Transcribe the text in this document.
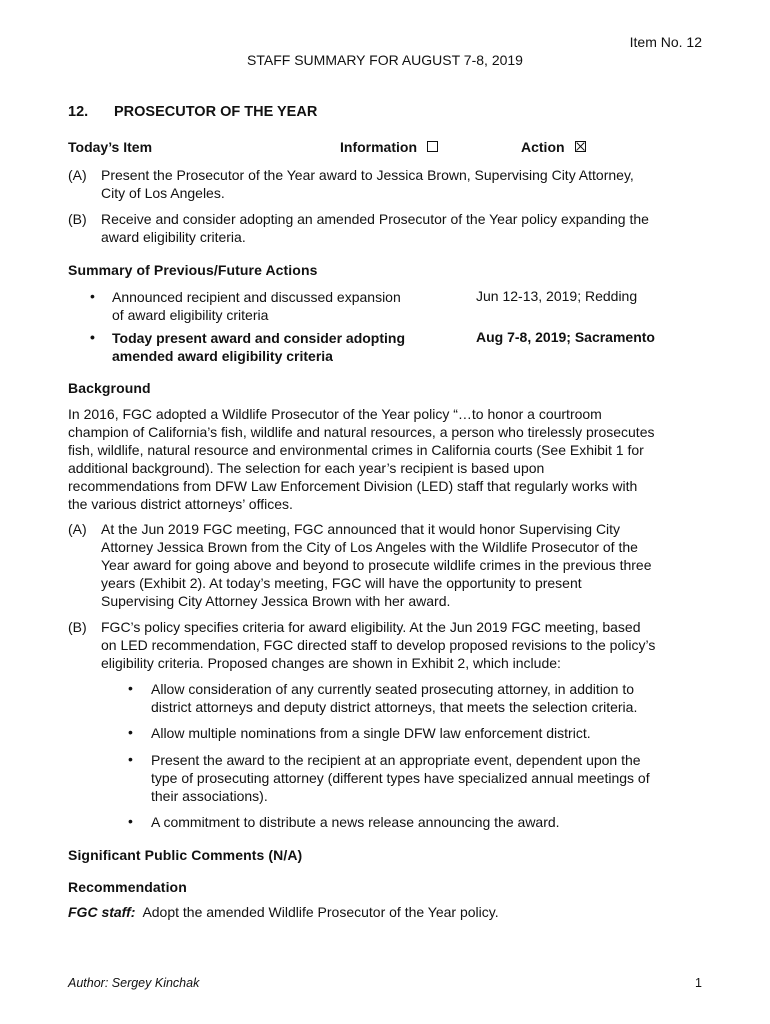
Item No. 12
STAFF SUMMARY FOR AUGUST 7-8, 2019
12. PROSECUTOR OF THE YEAR
Today’s Item	Information	Action
(A)	Present the Prosecutor of the Year award to Jessica Brown, Supervising City Attorney,
City of Los Angeles.
(B)	Receive and consider adopting an amended Prosecutor of the Year policy expanding the
award eligibility criteria.
Summary of Previous/Future Actions
• Announced recipient and discussed expansion
of award eligibility criteria
Jun 12-13, 2019; Redding
• Today present award and consider adopting
amended award eligibility criteria
Aug 7-8, 2019; Sacramento
Background
In 2016, FGC adopted a Wildlife Prosecutor of the Year policy “…to honor a courtroom
champion of California’s fish, wildlife and natural resources, a person who tirelessly prosecutes
fish, wildlife, natural resource and environmental crimes in California courts (See Exhibit 1 for
additional background). The selection for each year’s recipient is based upon
recommendations from DFW Law Enforcement Division (LED) staff that regularly works with
the various district attorneys’ offices.
(A)	At the Jun 2019 FGC meeting, FGC announced that it would honor Supervising City
Attorney Jessica Brown from the City of Los Angeles with the Wildlife Prosecutor of the
Year award for going above and beyond to prosecute wildlife crimes in the previous three
years (Exhibit 2). At today’s meeting, FGC will have the opportunity to present
Supervising City Attorney Jessica Brown with her award.
(B)	FGC’s policy specifies criteria for award eligibility. At the Jun 2019 FGC meeting, based
on LED recommendation, FGC directed staff to develop proposed revisions to the policy’s
eligibility criteria. Proposed changes are shown in Exhibit 2, which include:
• Allow consideration of any currently seated prosecuting attorney, in addition to
district attorneys and deputy district attorneys, that meets the selection criteria.
• Allow multiple nominations from a single DFW law enforcement district.
• Present the award to the recipient at an appropriate event, dependent upon the
type of prosecuting attorney (different types have specialized annual meetings of
their associations).
• A commitment to distribute a news release announcing the award.
Significant Public Comments (N/A)
Recommendation
FGC staff: Adopt the amended Wildlife Prosecutor of the Year policy.
Author: Sergey Kinchak	1
